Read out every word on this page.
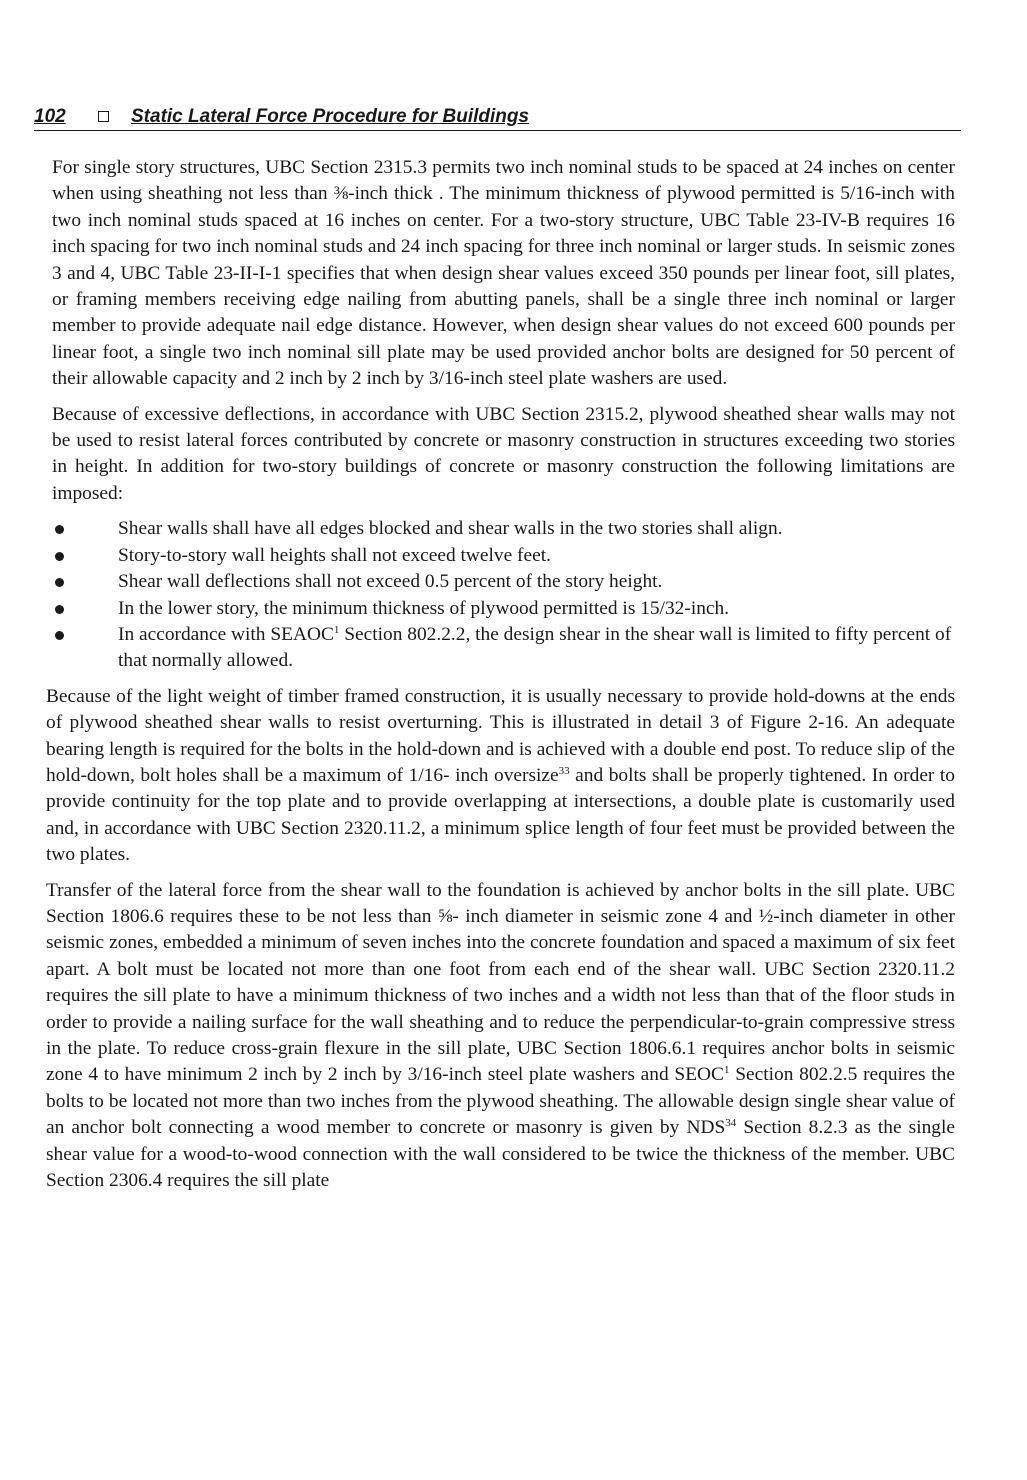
102	Static Lateral Force Procedure for Buildings

For single story structures, UBC Section 2315.3 permits two inch nominal studs to be spaced at 24 inches on center when using sheathing not less than ⅜-inch thick . The minimum thickness of plywood permitted is 5/16-inch with two inch nominal studs spaced at 16 inches on center. For a two-story structure, UBC Table 23-IV-B requires 16 inch spacing for two inch nominal studs and 24 inch spacing for three inch nominal or larger studs. In seismic zones 3 and 4, UBC Table 23-II-I-1 specifies that when design shear values exceed 350 pounds per linear foot, sill plates, or framing members receiving edge nailing from abutting panels, shall be a single three inch nominal or larger member to provide adequate nail edge distance. However, when design shear values do not exceed 600 pounds per linear foot, a single two inch nominal sill plate may be used provided anchor bolts are designed for 50 percent of their allowable capacity and 2 inch by 2 inch by 3/16-inch steel plate washers are used.

Because of excessive deflections, in accordance with UBC Section 2315.2, plywood sheathed shear walls may not be used to resist lateral forces contributed by concrete or masonry construction in structures exceeding two stories in height. In addition for two-story buildings of concrete or masonry construction the following limitations are imposed:

Shear walls shall have all edges blocked and shear walls in the two stories shall align.
Story-to-story wall heights shall not exceed twelve feet.
Shear wall deflections shall not exceed 0.5 percent of the story height.
In the lower story, the minimum thickness of plywood permitted is 15/32-inch.
In accordance with SEAOC$^1$ Section 802.2.2, the design shear in the shear wall is limited to fifty percent of that normally allowed.

Because of the light weight of timber framed construction, it is usually necessary to provide hold-downs at the ends of plywood sheathed shear walls to resist overturning. This is illustrated in detail 3 of Figure 2-16. An adequate bearing length is required for the bolts in the hold-down and is achieved with a double end post. To reduce slip of the hold-down, bolt holes shall be a maximum of 1/16- inch oversize$^{33}$ and bolts shall be properly tightened. In order to provide continuity for the top plate and to provide overlapping at intersections, a double plate is customarily used and, in accordance with UBC Section 2320.11.2, a minimum splice length of four feet must be provided between the two plates.

Transfer of the lateral force from the shear wall to the foundation is achieved by anchor bolts in the sill plate. UBC Section 1806.6 requires these to be not less than ⅝- inch diameter in seismic zone 4 and ½-inch diameter in other seismic zones, embedded a minimum of seven inches into the concrete foundation and spaced a maximum of six feet apart. A bolt must be located not more than one foot from each end of the shear wall. UBC Section 2320.11.2 requires the sill plate to have a minimum thickness of two inches and a width not less than that of the floor studs in order to provide a nailing surface for the wall sheathing and to reduce the perpendicular-to-grain compressive stress in the plate. To reduce cross-grain flexure in the sill plate, UBC Section 1806.6.1 requires anchor bolts in seismic zone 4 to have minimum 2 inch by 2 inch by 3/16-inch steel plate washers and SEOC$^1$ Section 802.2.5 requires the bolts to be located not more than two inches from the plywood sheathing. The allowable design single shear value of an anchor bolt connecting a wood member to concrete or masonry is given by NDS$^{34}$ Section 8.2.3 as the single shear value for a wood-to-wood connection with the wall considered to be twice the thickness of the member. UBC Section 2306.4 requires the sill plate
